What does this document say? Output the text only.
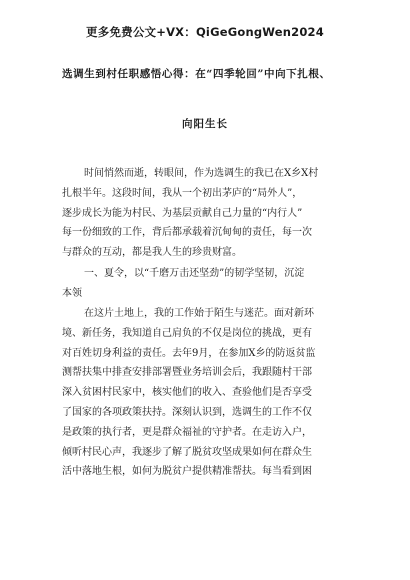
更多免费公文+VX：QiGeGongWen2024
选调生到村任职感悟心得：在“四季轮回”中向下扎根、
向阳生长
时间悄然而逝，转眼间，作为选调生的我已在X乡X村
扎根半年。这段时间，我从一个初出茅庐的“局外人”，
逐步成长为能为村民、为基层贡献自己力量的“内行人”
每一份细致的工作，背后都承载着沉甸甸的责任，每一次
与群众的互动，都是我人生的珍贵财富。
一、夏令，以“千磨万击还坚劲”的韧学坚韧，沉淀
本领
在这片土地上，我的工作始于陌生与迷茫。面对新环
境、新任务，我知道自己肩负的不仅是岗位的挑战，更有
对百姓切身利益的责任。去年9月，在参加X乡的防返贫监
测帮扶集中排查安排部署暨业务培训会后，我跟随村干部
深入贫困村民家中，核实他们的收入、查验他们是否享受
了国家的各项政策扶持。深刻认识到，选调生的工作不仅
是政策的执行者，更是群众福祉的守护者。在走访入户，
倾听村民心声，我逐步了解了脱贫攻坚成果如何在群众生
活中落地生根，如何为脱贫户提供精准帮扶。每当看到困
